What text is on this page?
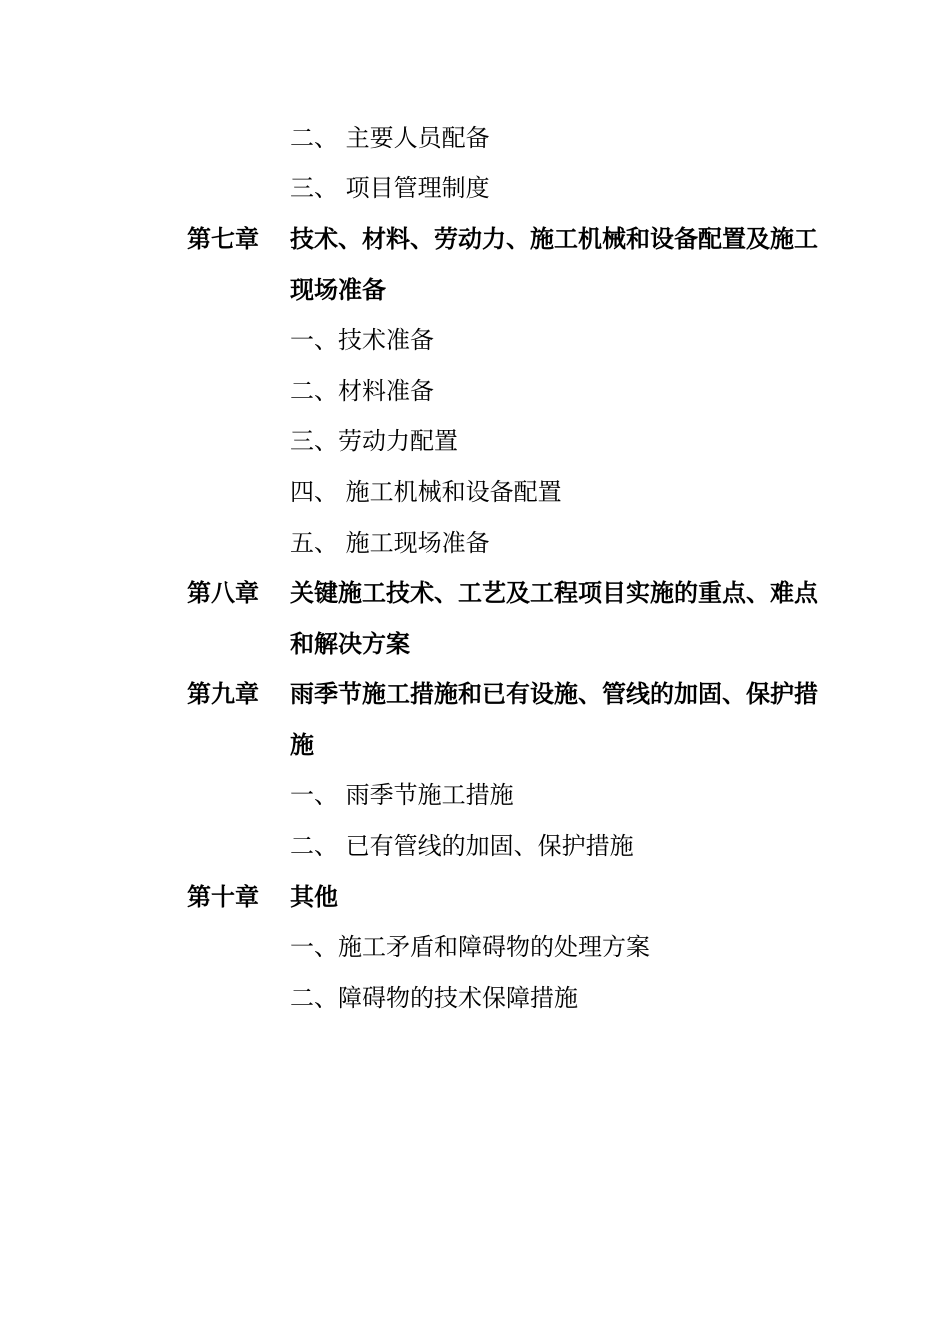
二、 主要人员配备
三、 项目管理制度
第七章 技术、材料、劳动力、施工机械和设备配置及施工
现场准备
一、技术准备
二、材料准备
三、劳动力配置
四、 施工机械和设备配置
五、 施工现场准备
第八章 关键施工技术、工艺及工程项目实施的重点、难点
和解决方案
第九章 雨季节施工措施和已有设施、管线的加固、保护措
施
一、 雨季节施工措施
二、 已有管线的加固、保护措施
第十章 其他
一、施工矛盾和障碍物的处理方案
二、障碍物的技术保障措施
